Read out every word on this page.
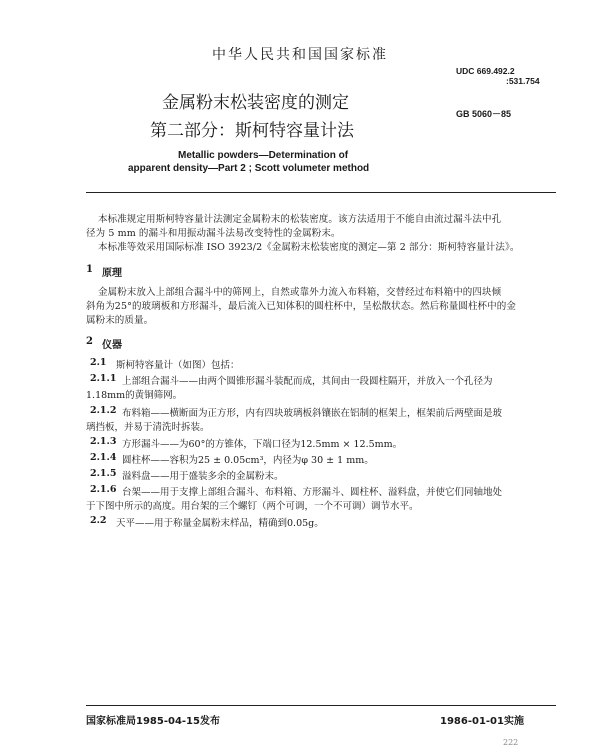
中华人民共和国国家标准
UDC 669.492.2
:531.754
GB 5060－85
金属粉末松装密度的测定
第二部分：斯柯特容量计法
Metallic powders—Determination of
apparent density—Part 2 ; Scott volumeter method
本标准规定用斯柯特容量计法测定金属粉末的松装密度。该方法适用于不能自由流过漏斗法中孔
径为 5 mm 的漏斗和用振动漏斗法易改变特性的金属粉末。
本标准等效采用国际标准 ISO 3923/2《金属粉末松装密度的测定—第 2 部分：斯柯特容量计法》。
1 原理
金属粉末放入上部组合漏斗中的筛网上，自然或靠外力流入布料箱，交替经过布料箱中的四块倾
斜角为25°的玻璃板和方形漏斗，最后流入已知体积的圆柱杯中，呈松散状态。然后称量圆柱杯中的金
属粉末的质量。
2 仪器
2.1 斯柯特容量计（如图）包括：
2.1.1 上部组合漏斗——由两个圆锥形漏斗装配而成，其间由一段圆柱隔开，并放入一个孔径为
1.18mm的黄铜筛网。
2.1.2 布料箱——横断面为正方形，内有四块玻璃板斜镶嵌在铝制的框架上，框架前后两壁面是玻
璃挡板，并易于清洗时拆装。
2.1.3 方形漏斗——为60°的方锥体，下端口径为12.5mm × 12.5mm。
2.1.4 圆柱杯——容积为25 ± 0.05cm³，内径为φ 30 ± 1 mm。
2.1.5 溢料盘——用于盛装多余的金属粉末。
2.1.6 台架——用于支撑上部组合漏斗、布料箱、方形漏斗、圆柱杯、溢料盘，并使它们同轴地处
于下图中所示的高度。用台架的三个螺钉（两个可调，一个不可调）调节水平。
2.2 天平——用于称量金属粉末样品，精确到0.05g。
国家标准局1985-04-15发布	1986-01-01实施
222
